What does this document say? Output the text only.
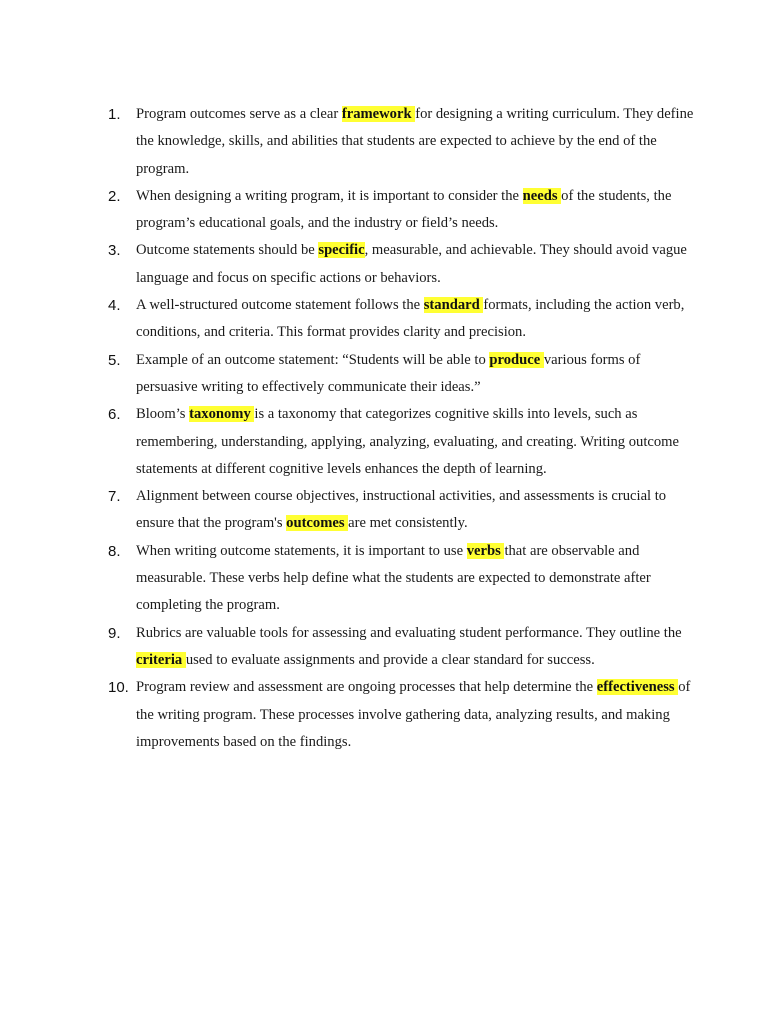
1.	Program outcomes serve as a clear framework for designing a writing curriculum. They define the knowledge, skills, and abilities that students are expected to achieve by the end of the program.
2.	When designing a writing program, it is important to consider the needs of the students, the program’s educational goals, and the industry or field’s needs.
3.	Outcome statements should be specific, measurable, and achievable. They should avoid vague language and focus on specific actions or behaviors.
4.	A well-structured outcome statement follows the standard formats, including the action verb, conditions, and criteria. This format provides clarity and precision.
5.	Example of an outcome statement: “Students will be able to produce various forms of persuasive writing to effectively communicate their ideas.”
6.	Bloom’s taxonomy is a taxonomy that categorizes cognitive skills into levels, such as remembering, understanding, applying, analyzing, evaluating, and creating. Writing outcome statements at different cognitive levels enhances the depth of learning.
7.	Alignment between course objectives, instructional activities, and assessments is crucial to ensure that the program's outcomes are met consistently.
8.	When writing outcome statements, it is important to use verbs that are observable and measurable. These verbs help define what the students are expected to demonstrate after completing the program.
9.	Rubrics are valuable tools for assessing and evaluating student performance. They outline the criteria used to evaluate assignments and provide a clear standard for success.
10. Program review and assessment are ongoing processes that help determine the effectiveness of the writing program. These processes involve gathering data, analyzing results, and making improvements based on the findings.
